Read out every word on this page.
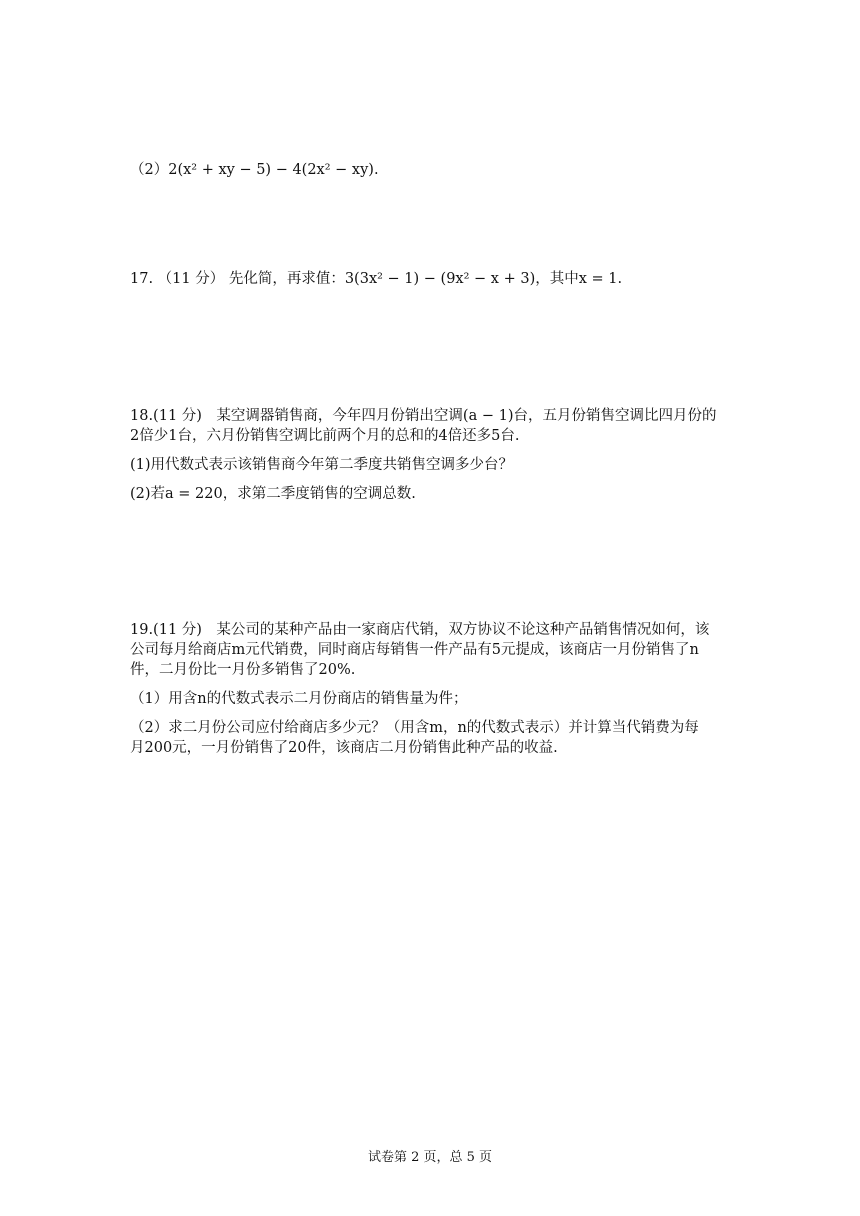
（2）2(x² + xy − 5) − 4(2x² − xy).
17. （11 分） 先化简，再求值：3(3x² − 1) − (9x² − x + 3)，其中x = 1.
18.(11 分)　某空调器销售商，今年四月份销出空调(a − 1)台，五月份销售空调比四月份的
2倍少1台，六月份销售空调比前两个月的总和的4倍还多5台.
(1)用代数式表示该销售商今年第二季度共销售空调多少台？
(2)若a = 220，求第二季度销售的空调总数.
19.(11 分)　某公司的某种产品由一家商店代销，双方协议不论这种产品销售情况如何，该
公司每月给商店m元代销费，同时商店每销售一件产品有5元提成，该商店一月份销售了n
件，二月份比一月份多销售了20%.
（1）用含n的代数式表示二月份商店的销售量为件；
（2）求二月份公司应付给商店多少元？（用含m，n的代数式表示）并计算当代销费为每
月200元，一月份销售了20件，该商店二月份销售此种产品的收益.
试卷第 2 页，总 5 页
